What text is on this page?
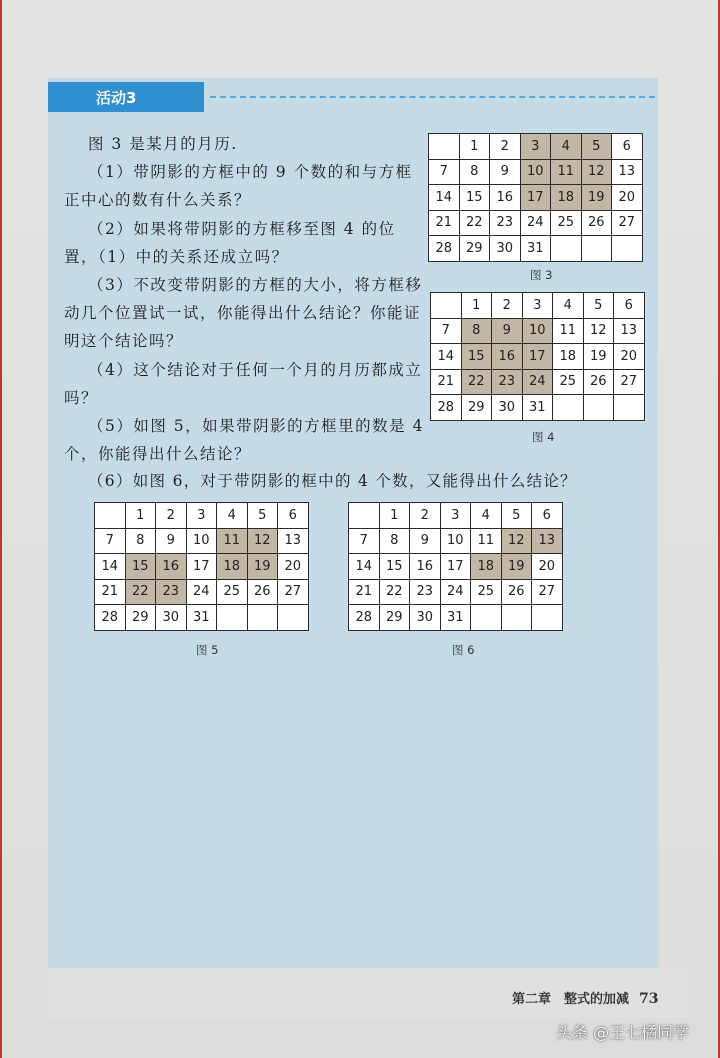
活动3

图 3 是某月的月历.

（1）带阴影的方框中的 9 个数的和与方框正中心的数有什么关系？

（2）如果将带阴影的方框移至图 4 的位置，（1）中的关系还成立吗？

（3）不改变带阴影的方框的大小，将方框移动几个位置试一试，你能得出什么结论？你能证明这个结论吗？

（4）这个结论对于任何一个月的月历都成立吗？

（5）如图 5，如果带阴影的方框里的数是 4 个，你能得出什么结论？

（6）如图 6，对于带阴影的框中的 4 个数，又能得出什么结论？
	1	2	3	4	5	6
7	8	9	10	11	12	13
14	15	16	17	18	19	20
21	22	23	24	25	26	27
28	29	30	31			
图 3
	1	2	3	4	5	6
7	8	9	10	11	12	13
14	15	16	17	18	19	20
21	22	23	24	25	26	27
28	29	30	31			
图 4
	1	2	3	4	5	6
7	8	9	10	11	12	13
14	15	16	17	18	19	20
21	22	23	24	25	26	27
28	29	30	31			
图 5
	1	2	3	4	5	6
7	8	9	10	11	12	13
14	15	16	17	18	19	20
21	22	23	24	25	26	27
28	29	30	31			
图 6
第二章　整式的加减 73
头条 @王七橘同学
